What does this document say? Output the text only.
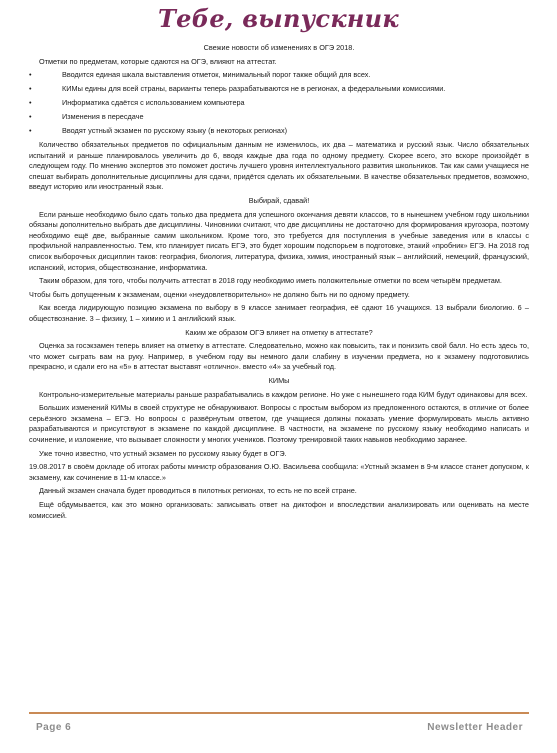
Тебе, выпускник

Свежие новости об изменениях в ОГЭ 2018.

Отметки по предметам, которые сдаются на ОГЭ, влияют на аттестат.

• Вводится единая шкала выставления отметок, минимальный порог также общий для всех.
• КИМы едины для всей страны, варианты теперь разрабатываются не в регионах, а федеральными комиссиями.
• Информатика сдаётся с использованием компьютера
• Изменения в пересдаче
• Вводят устный экзамен по русскому языку (в некоторых регионах)

Количество обязательных предметов по официальным данным не изменилось, их два – математика и русский язык. Число обязательных испытаний и раньше планировалось увеличить до 6, вводя каждые два года по одному предмету. Скорее всего, это вскоре произойдёт в следующем году. По мнению экспертов это поможет достичь лучшего уровня интеллектуального развития школьников. Так как сами учащиеся не спешат выбирать дополнительные дисциплины для сдачи, придётся сделать их обязательными. В качестве обязательных предметов, возможно, введут историю или иностранный язык.

Выбирай, сдавай!

Если раньше необходимо было сдать только два предмета для успешного окончания девяти классов, то в нынешнем учебном году школьники обязаны дополнительно выбрать две дисциплины. Чиновники считают, что две дисциплины не достаточно для формирования кругозора, поэтому необходимо ещё две, выбранные самим школьником. Кроме того, это требуется для поступления в учебные заведения или в классы с профильной направленностью. Тем, кто планирует писать ЕГЭ, это будет хорошим подспорьем в подготовке, этакий «пробник» ЕГЭ. На 2018 год список выборочных дисциплин таков: география, биология, литература, физика, химия, иностранный язык – английский, немецкий, французский, испанский, история, обществознание, информатика.

Таким образом, для того, чтобы получить аттестат в 2018 году необходимо иметь положительные отметки по всем четырём предметам.

Чтобы быть допущенным к экзаменам, оценки «неудовлетворительно» не должно быть ни по одному предмету.

Как всегда лидирующую позицию экзамена по выбору в 9 классе занимает география, её сдают 16 учащихся. 13 выбрали биологию. 6 – обществознание. 3 – физику, 1 – химию и 1 английский язык.

Каким же образом ОГЭ влияет на отметку в аттестате?

Оценка за госэкзамен теперь влияет на отметку в аттестате. Следовательно, можно как повысить, так и понизить свой балл. Но есть здесь то, что может сыграть вам на руку. Например, в учебном году вы немного дали слабину в изучении предмета, но к экзамену подготовились прекрасно, и сдали его на «5» в аттестат выставят «отлично». вместо «4» за учебный год.

КИМы

Контрольно-измерительные материалы раньше разрабатывались в каждом регионе. Но уже с нынешнего года КИМ будут одинаковы для всех.

Больших изменений КИМы в своей структуре не обнаруживают. Вопросы с простым выбором из предложенного остаются, в отличие от более серьёзного экзамена – ЕГЭ. Но вопросы с развёрнутым ответом, где учащиеся должны показать умение формулировать мысль активно разрабатываются и присутствуют в экзамене по каждой дисциплине. В частности, на экзамене по русскому языку необходимо написать и сочинение, и изложение, что вызывает сложности у многих учеников. Поэтому тренировкой таких навыков необходимо заранее.

Уже точно известно, что устный экзамен по русскому языку будет в ОГЭ.

19.08.2017 в своём докладе об итогах работы министр образования О.Ю. Васильева сообщила: «Устный экзамен в 9-м классе станет допуском, к экзамену, как сочинение в 11-м классе.»

Данный экзамен сначала будет проводиться в пилотных регионах, то есть не по всей стране.

Ещё обдумывается, как это можно организовать: записывать ответ на диктофон и впоследствии анализировать или оценивать на месте комиссией.

Page 6	Newsletter Header
